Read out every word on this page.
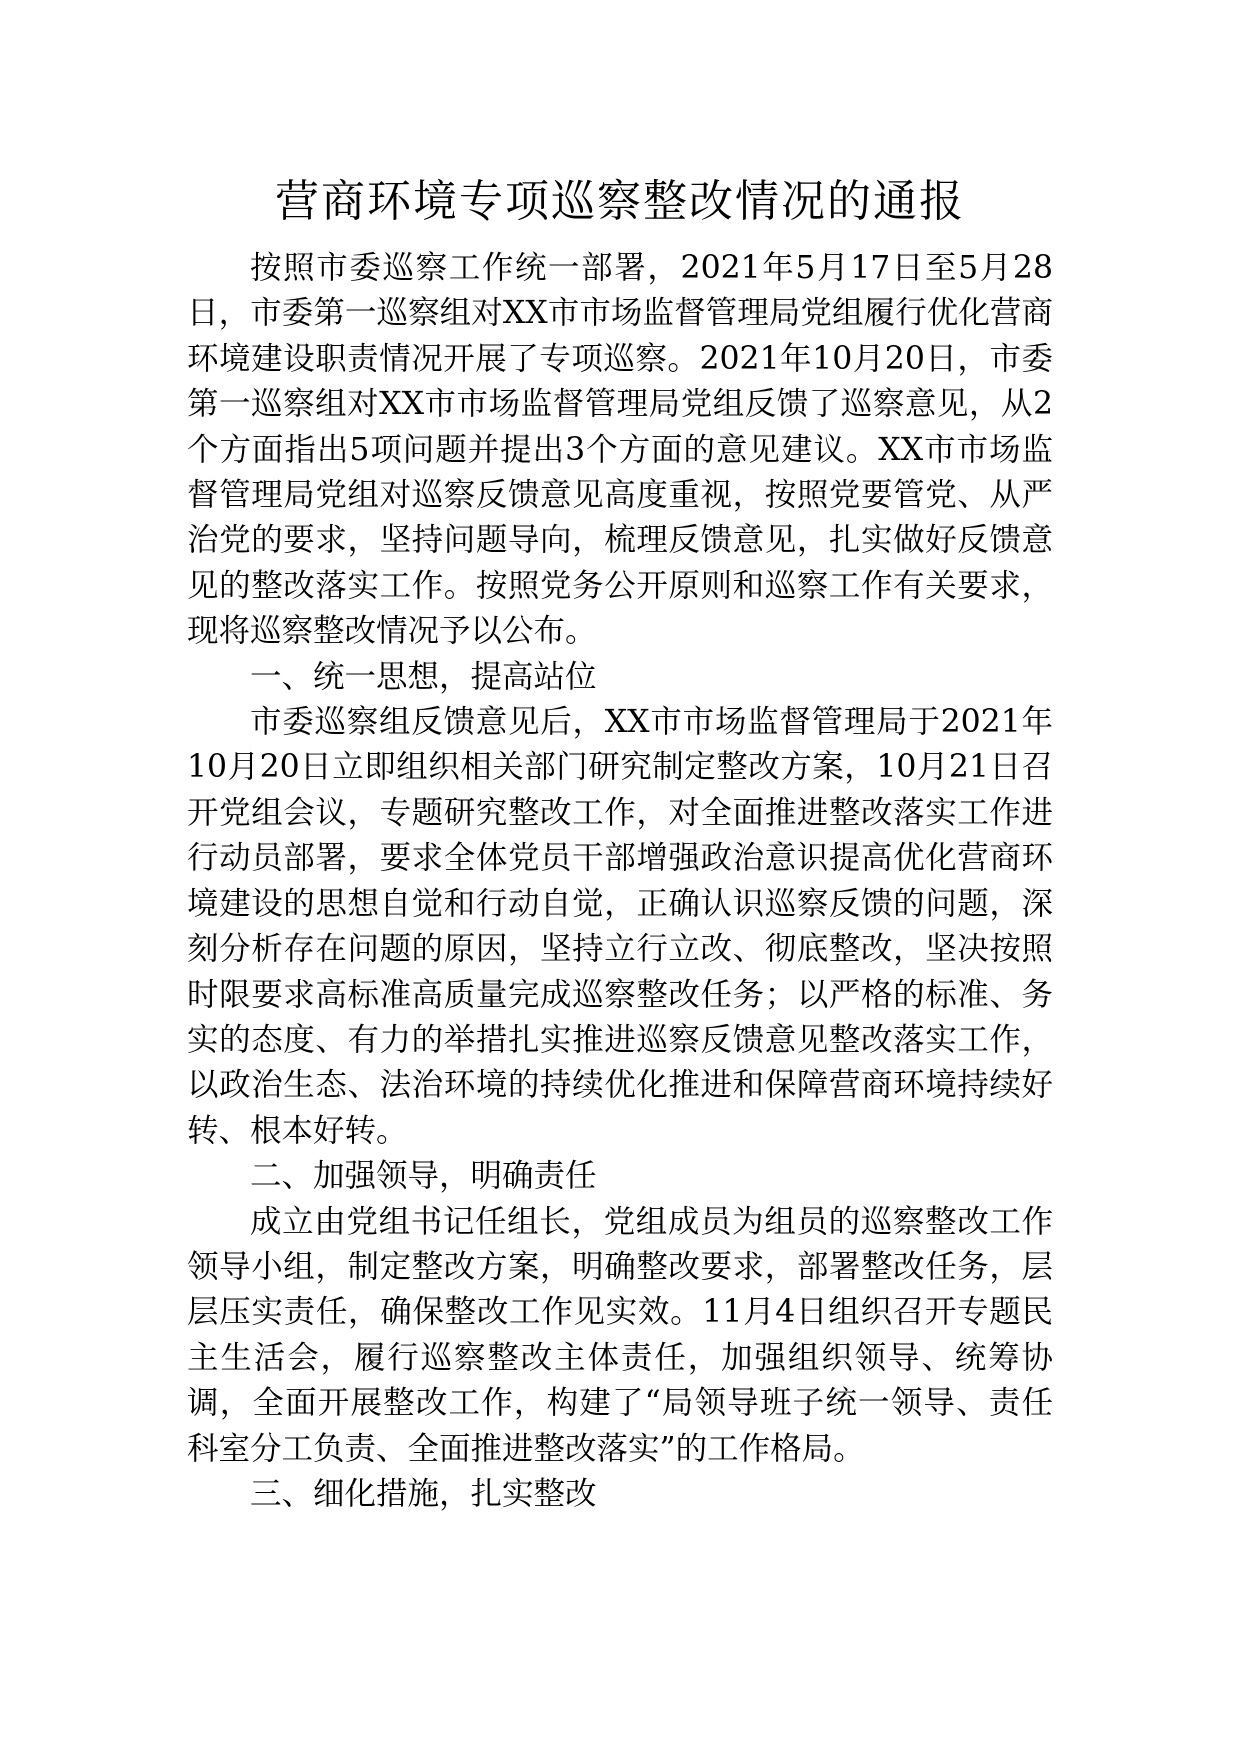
营商环境专项巡察整改情况的通报

按照市委巡察工作统一部署，2021年5月17日至5月28日，市委第一巡察组对XX市市场监督管理局党组履行优化营商环境建设职责情况开展了专项巡察。2021年10月20日，市委第一巡察组对XX市市场监督管理局党组反馈了巡察意见，从2个方面指出5项问题并提出3个方面的意见建议。XX市市场监督管理局党组对巡察反馈意见高度重视，按照党要管党、从严治党的要求，坚持问题导向，梳理反馈意见，扎实做好反馈意见的整改落实工作。按照党务公开原则和巡察工作有关要求，现将巡察整改情况予以公布。

一、统一思想，提高站位

市委巡察组反馈意见后，XX市市场监督管理局于2021年10月20日立即组织相关部门研究制定整改方案，10月21日召开党组会议，专题研究整改工作，对全面推进整改落实工作进行动员部署，要求全体党员干部增强政治意识提高优化营商环境建设的思想自觉和行动自觉，正确认识巡察反馈的问题，深刻分析存在问题的原因，坚持立行立改、彻底整改，坚决按照时限要求高标准高质量完成巡察整改任务；以严格的标准、务实的态度、有力的举措扎实推进巡察反馈意见整改落实工作，以政治生态、法治环境的持续优化推进和保障营商环境持续好转、根本好转。

二、加强领导，明确责任

成立由党组书记任组长，党组成员为组员的巡察整改工作领导小组，制定整改方案，明确整改要求，部署整改任务，层层压实责任，确保整改工作见实效。11月4日组织召开专题民主生活会，履行巡察整改主体责任，加强组织领导、统筹协调，全面开展整改工作，构建了“局领导班子统一领导、责任科室分工负责、全面推进整改落实”的工作格局。

三、细化措施，扎实整改
